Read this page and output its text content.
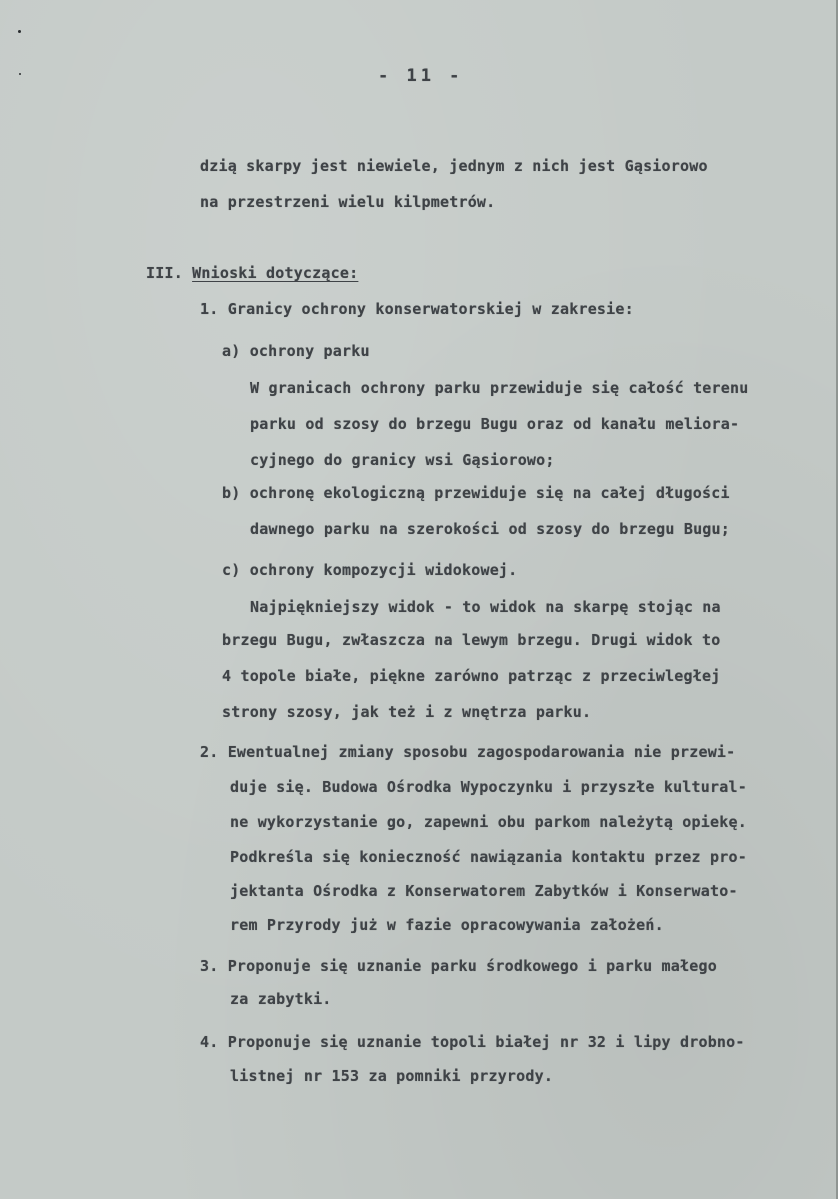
- 11 -
dzią skarpy jest niewiele, jednym z nich jest Gąsiorowo
na przestrzeni wielu kilpmetrów.
III. Wnioski dotyczące:
1. Granicy ochrony konserwatorskiej w zakresie:
a) ochrony parku
W granicach ochrony parku przewiduje się całość terenu
parku od szosy do brzegu Bugu oraz od kanału meliora-
cyjnego do granicy wsi Gąsiorowo;
b) ochronę ekologiczną przewiduje się na całej długości
dawnego parku na szerokości od szosy do brzegu Bugu;
c) ochrony kompozycji widokowej.
Najpiękniejszy widok - to widok na skarpę stojąc na
brzegu Bugu, zwłaszcza na lewym brzegu. Drugi widok to
4 topole białe, piękne zarówno patrząc z przeciwległej
strony szosy, jak też i z wnętrza parku.
2. Ewentualnej zmiany sposobu zagospodarowania nie przewi-
duje się. Budowa Ośrodka Wypoczynku i przyszłe kultural-
ne wykorzystanie go, zapewni obu parkom należytą opiekę.
Podkreśla się konieczność nawiązania kontaktu przez pro-
jektanta Ośrodka z Konserwatorem Zabytków i Konserwato-
rem Przyrody już w fazie opracowywania założeń.
3. Proponuje się uznanie parku środkowego i parku małego
za zabytki.
4. Proponuje się uznanie topoli białej nr 32 i lipy drobno-
listnej nr 153 za pomniki przyrody.
